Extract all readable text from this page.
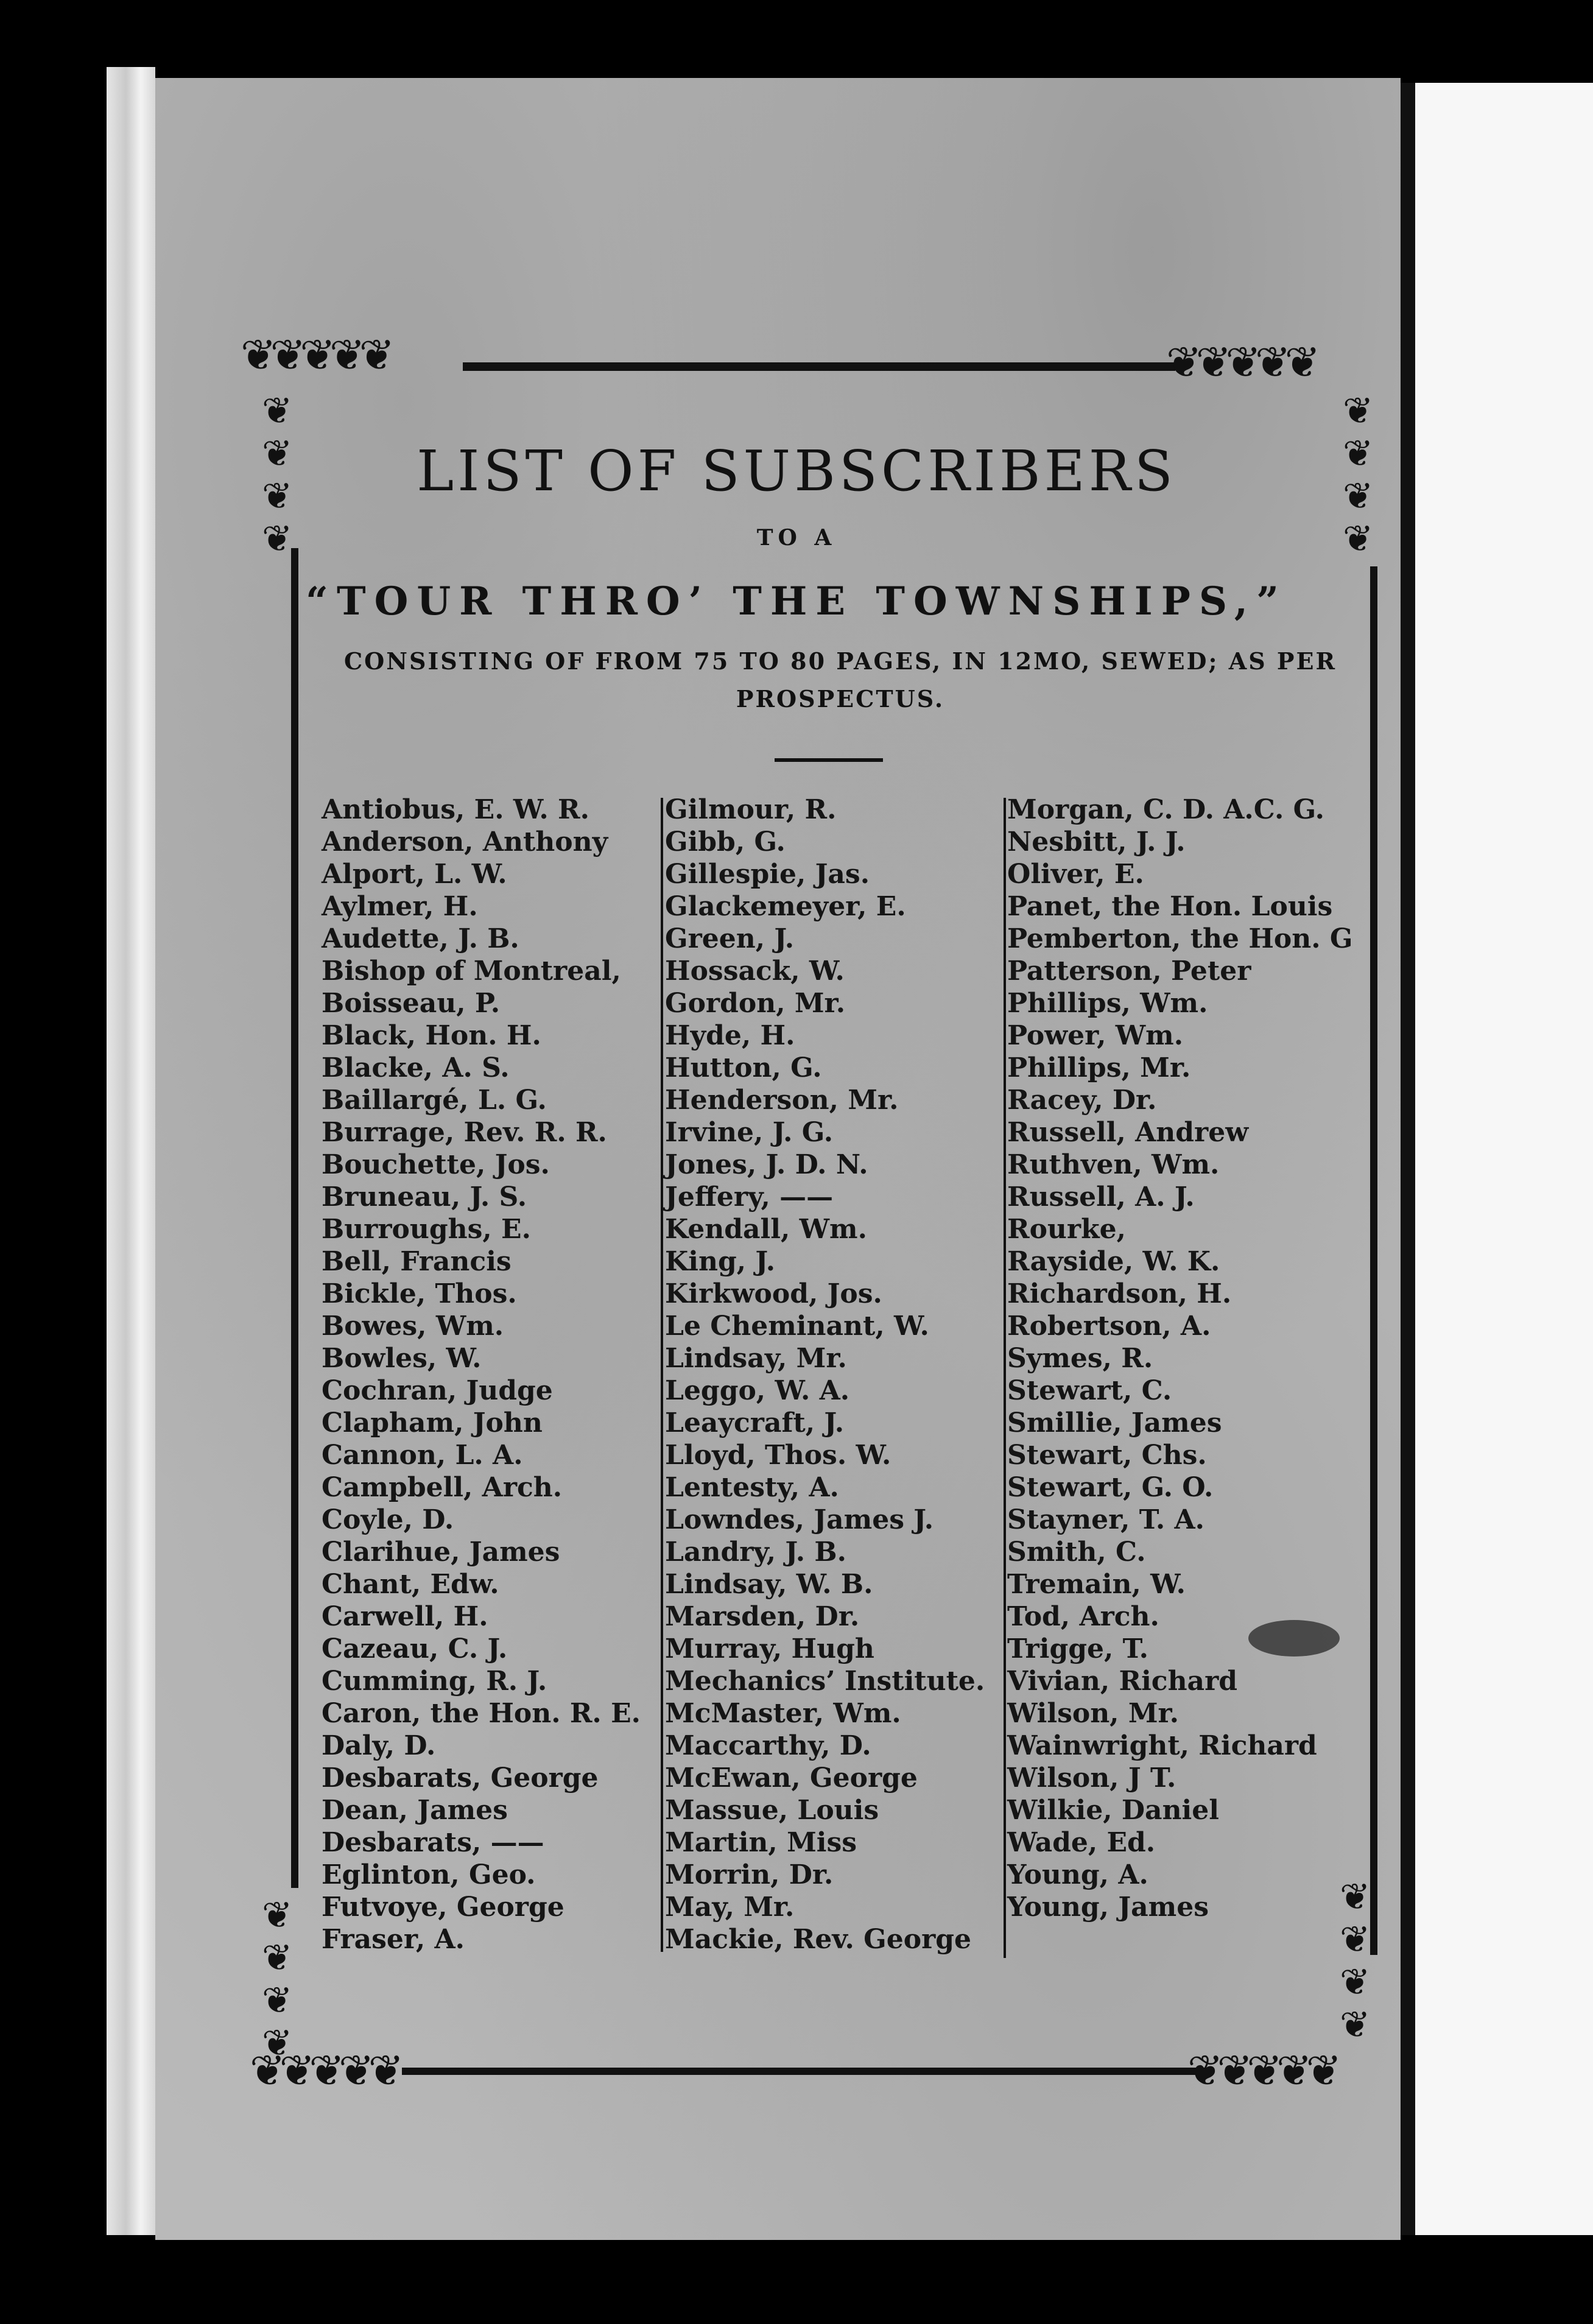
❦❦❦❦❦
❦
❦
❦
❦
❦❦❦❦❦
❦
❦
❦
❦
❦
❦
❦
❦
❦❦❦❦❦
❦
❦
❦
❦
❦❦❦❦❦
LIST OF SUBSCRIBERS
TO A
“TOUR THRO’ THE TOWNSHIPS,”
CONSISTING OF FROM 75 TO 80 PAGES, IN 12MO, SEWED; AS PER PROSPECTUS.
Antiobus, E. W. R.
Anderson, Anthony
Alport, L. W.
Aylmer, H.
Audette, J. B.
Bishop of Montreal,
Boisseau, P.
Black, Hon. H.
Blacke, A. S.
Baillargé, L. G.
Burrage, Rev. R. R.
Bouchette, Jos.
Bruneau, J. S.
Burroughs, E.
Bell, Francis
Bickle, Thos.
Bowes, Wm.
Bowles, W.
Cochran, Judge
Clapham, John
Cannon, L. A.
Campbell, Arch.
Coyle, D.
Clarihue, James
Chant, Edw.
Carwell, H.
Cazeau, C. J.
Cumming, R. J.
Caron, the Hon. R. E.
Daly, D.
Desbarats, George
Dean, James
Desbarats, ——
Eglinton, Geo.
Futvoye, George
Fraser, A.
Gilmour, R.
Gibb, G.
Gillespie, Jas.
Glackemeyer, E.
Green, J.
Hossack, W.
Gordon, Mr.
Hyde, H.
Hutton, G.
Henderson, Mr.
Irvine, J. G.
Jones, J. D. N.
Jeffery, ——
Kendall, Wm.
King, J.
Kirkwood, Jos.
Le Cheminant, W.
Lindsay, Mr.
Leggo, W. A.
Leaycraft, J.
Lloyd, Thos. W.
Lentesty, A.
Lowndes, James J.
Landry, J. B.
Lindsay, W. B.
Marsden, Dr.
Murray, Hugh
Mechanics’ Institute.
McMaster, Wm.
Maccarthy, D.
McEwan, George
Massue, Louis
Martin, Miss
Morrin, Dr.
May, Mr.
Mackie, Rev. George
Morgan, C. D. A.C. G.
Nesbitt, J. J.
Oliver, E.
Panet, the Hon. Louis
Pemberton, the Hon. G
Patterson, Peter
Phillips, Wm.
Power, Wm.
Phillips, Mr.
Racey, Dr.
Russell, Andrew
Ruthven, Wm.
Russell, A. J.
Rourke,
Rayside, W. K.
Richardson, H.
Robertson, A.
Symes, R.
Stewart, C.
Smillie, James
Stewart, Chs.
Stewart, G. O.
Stayner, T. A.
Smith, C.
Tremain, W.
Tod, Arch.
Trigge, T.
Vivian, Richard
Wilson, Mr.
Wainwright, Richard
Wilson, J T.
Wilkie, Daniel
Wade, Ed.
Young, A.
Young, James
